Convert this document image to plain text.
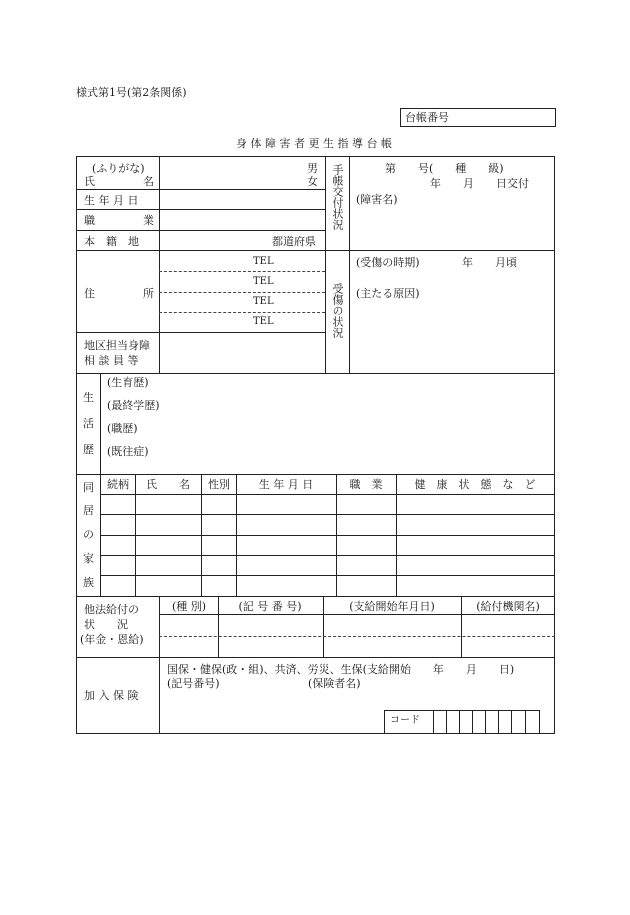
様式第1号(第2条関係)
台帳番号
身 体 障 害 者 更 生 指 導 台 帳
(ふりがな)
氏	名
男
女
生 年 月 日
職	業
本　籍　地	都道府県
手帳交付状況	第　　号(　　種　　級)
年　　月　　日交付
(障害名)
住	所
TEL
TEL
TEL
TEL
地区担当身障
相 談 員 等
受傷の状況
(受傷の時期)	年　　月頃
(主たる原因)
生
活
歴
(生育歴)
(最終学歴)
(職歴)
(既往症)
同
居
の
家
族
続柄 氏　　名 性別	生 年 月 日	職　業	健　康　状　態　な　ど
他法給付の
状　　況
(年金・恩給)
(種 別)	(記 号 番 号)	(支給開始年月日)	(給付機関名)
加 入 保 険
国保・健保(政・組)、共済、労災、生保(支給開始　　年　　月　　日)
(記号番号)	(保険者名)
コード
